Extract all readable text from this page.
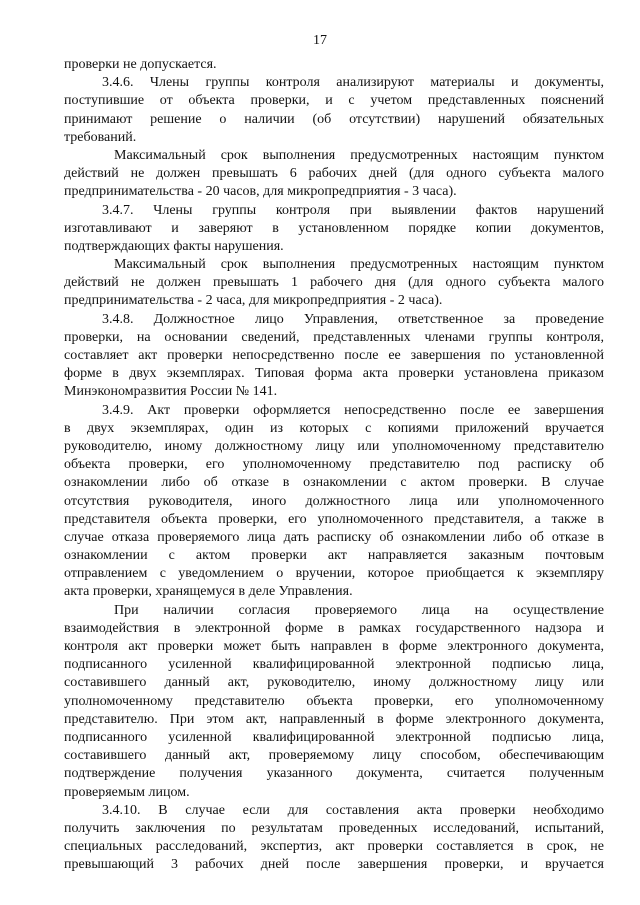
17
проверки не допускается.
3.4.6. Члены группы контроля анализируют материалы и документы,
поступившие от объекта проверки, и с учетом представленных пояснений
принимают решение о наличии (об отсутствии) нарушений обязательных
требований.
Максимальный срок выполнения предусмотренных настоящим пунктом
действий не должен превышать 6 рабочих дней (для одного субъекта малого
предпринимательства - 20 часов, для микропредприятия - 3 часа).
3.4.7. Члены группы контроля при выявлении фактов нарушений
изготавливают и заверяют в установленном порядке копии документов,
подтверждающих факты нарушения.
Максимальный срок выполнения предусмотренных настоящим пунктом
действий не должен превышать 1 рабочего дня (для одного субъекта малого
предпринимательства - 2 часа, для микропредприятия - 2 часа).
3.4.8. Должностное лицо Управления, ответственное за проведение
проверки, на основании сведений, представленных членами группы контроля,
составляет акт проверки непосредственно после ее завершения по установленной
форме в двух экземплярах. Типовая форма акта проверки установлена приказом
Минэкономразвития России № 141.
3.4.9. Акт проверки оформляется непосредственно после ее завершения
в двух экземплярах, один из которых с копиями приложений вручается
руководителю, иному должностному лицу или уполномоченному представителю
объекта проверки, его уполномоченному представителю под расписку об
ознакомлении либо об отказе в ознакомлении с актом проверки. В случае
отсутствия руководителя, иного должностного лица или уполномоченного
представителя объекта проверки, его уполномоченного представителя, а также в
случае отказа проверяемого лица дать расписку об ознакомлении либо об отказе в
ознакомлении с актом проверки акт направляется заказным почтовым
отправлением с уведомлением о вручении, которое приобщается к экземпляру
акта проверки, хранящемуся в деле Управления.
При наличии согласия проверяемого лица на осуществление
взаимодействия в электронной форме в рамках государственного надзора и
контроля акт проверки может быть направлен в форме электронного документа,
подписанного усиленной квалифицированной электронной подписью лица,
составившего данный акт, руководителю, иному должностному лицу или
уполномоченному представителю объекта проверки, его уполномоченному
представителю. При этом акт, направленный в форме электронного документа,
подписанного усиленной квалифицированной электронной подписью лица,
составившего данный акт, проверяемому лицу способом, обеспечивающим
подтверждение получения указанного документа, считается полученным
проверяемым лицом.
3.4.10. В случае если для составления акта проверки необходимо
получить заключения по результатам проведенных исследований, испытаний,
специальных расследований, экспертиз, акт проверки составляется в срок, не
превышающий 3 рабочих дней после завершения проверки, и вручается
